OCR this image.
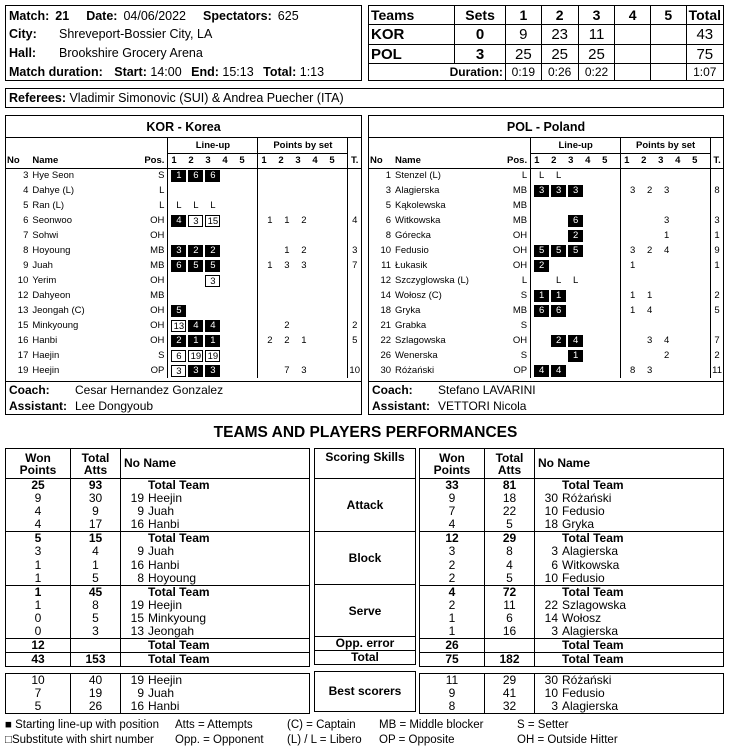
Match:	21	Date:	04/06/2022	Spectators:	625
City: Shreveport-Bossier City, LA
Hall: Brookshire Grocery Arena
Match duration: Start: 14:00 End: 15:13 Total: 1:13
Teams	Sets	1	2	3	4	5	Total
KOR	0	9	23	11			43
POL	3	25	25	25			75
Duration:		0:19	0:26	0:22			1:07
Referees: Vladimir Simonovic (SUI) & Andrea Puecher (ITA)
KOR - Korea
			Line-up	Points by set	
No	Name	Pos.	1 2 3 4 5	1 2 3 4 5	T.
3	Hye Seon	S	1 6 6		
4	Dahye (L)	L			
5	Ran (L)	L	L L L		
6	Seonwoo	OH	4 3 15	1 1 2	4
7	Sohwi	OH			
8	Hoyoung	MB	3 2 2	1 2	3
9	Juah	MB	6 5 5	1 3 3	7
10	Yerim	OH	3		
12	Dahyeon	MB			
13	Jeongah (C)	OH	5		
15	Minkyoung	OH	13 4 4	2	2
16	Hanbi	OH	2 1 1	2 2 1	5
17	Haejin	S	6 19 19		
19	Heejin	OP	3 3 3	7 3	10
Coach: Cesar Hernandez Gonzalez
Assistant: Lee Dongyoub
POL - Poland
			Line-up	Points by set	
No	Name	Pos.	1 2 3 4 5	1 2 3 4 5	T.
1	Stenzel (L)	L	L L		
3	Alagierska	MB	3 3 3	3 2 3	8
5	Kąkolewska	MB			
6	Witkowska	MB	6	3	3
8	Górecka	OH	2	1	1
10	Fedusio	OH	5 5 5	3 2 4	9
11	Łukasik	OH	2	1	1
12	Szczyglowska (L)	L	L L		
14	Wołosz (C)	S	1 1	1 1	2
18	Gryka	MB	6 6	1 4	5
21	Grabka	S			
22	Szlagowska	OH	2 4	3 4	7
26	Wenerska	S	1	2	2
30	Różański	OP	4 4	8 3	11
Coach: Stefano LAVARINI
Assistant: VETTORI Nicola
TEAMS AND PLAYERS PERFORMANCES
Won Points	Total Atts	No Name
25	93	Total Team
9	30	19 Heejin
4	9	9 Juah
4	17	16 Hanbi
5	15	Total Team
3	4	9 Juah
1	1	16 Hanbi
1	5	8 Hoyoung
1	45	Total Team
1	8	19 Heejin
0	5	15 Minkyoung
0	3	13 Jeongah
12		Total Team
43	153	Total Team
10	40	19 Heejin
7	19	9 Juah
5	26	16 Hanbi
Scoring Skills
Attack
Block
Serve
Opp. error
Total
Best scorers
Won Points	Total Atts	No Name
33	81	Total Team
9	18	30 Różański
7	22	10 Fedusio
4	5	18 Gryka
12	29	Total Team
3	8	3 Alagierska
2	4	6 Witkowska
2	5	10 Fedusio
4	72	Total Team
2	11	22 Szlagowska
1	6	14 Wołosz
1	16	3 Alagierska
26		Total Team
75	182	Total Team
11	29	30 Różański
9	41	10 Fedusio
8	32	3 Alagierska
■ Starting line-up with position Atts = Attempts	(C) = Captain MB = Middle blocker	S = Setter
□Substitute with shirt number Opp. = Opponent (L) / L = Libero OP = Opposite	OH = Outside Hitter
